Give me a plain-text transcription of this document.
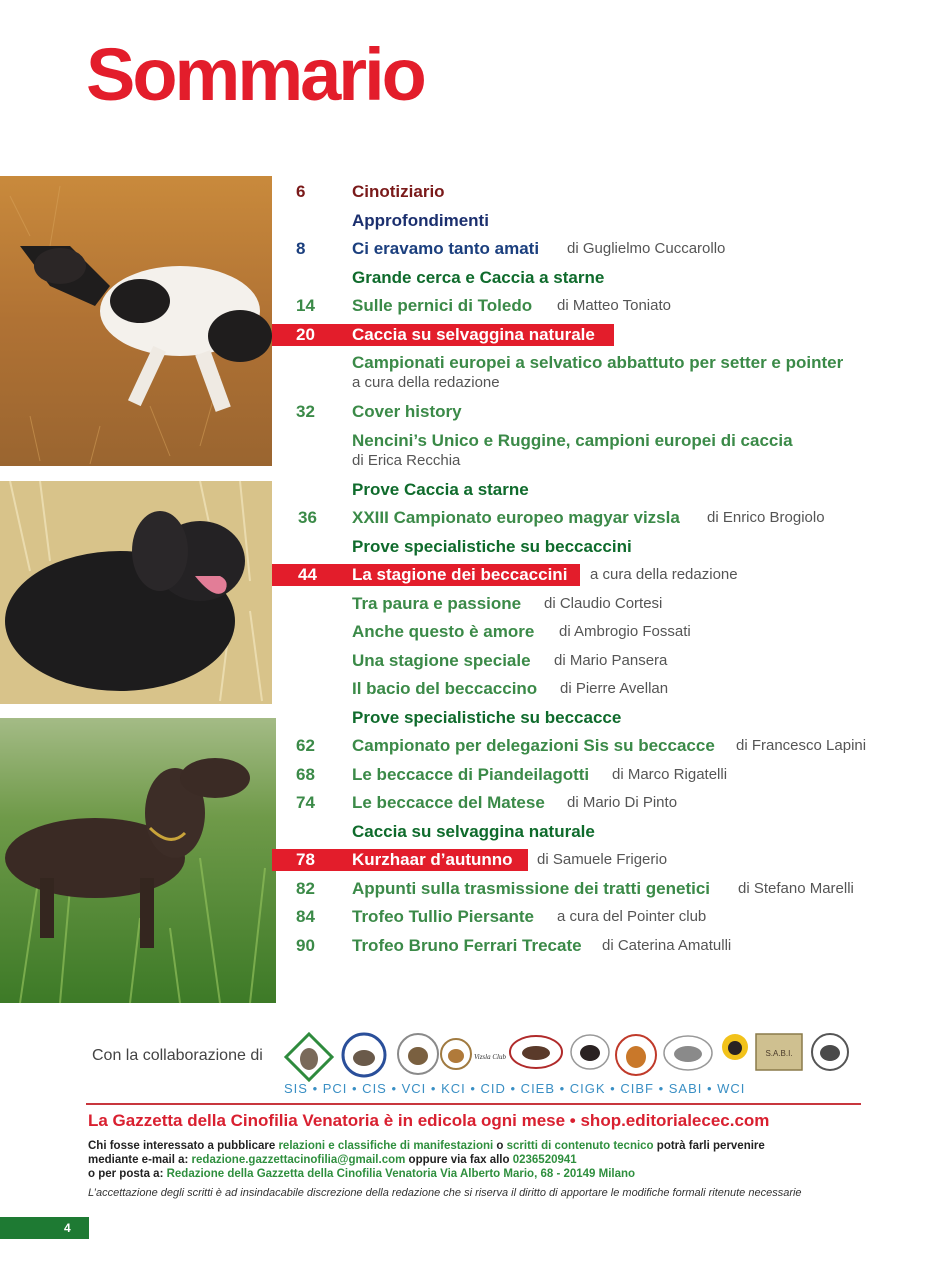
Sommario
6	Cinotiziario
Approfondimenti
8	Ci eravamo tanto amati di Guglielmo Cuccarollo
Grande cerca e Caccia a starne
14 Sulle pernici di Toledo di Matteo Toniato
20 Caccia su selvaggina naturale
Campionati europei a selvatico abbattuto per setter e pointer
a cura della redazione
32 Cover history
Nencini’s Unico e Ruggine, campioni europei di caccia
di Erica Recchia
Prove Caccia a starne
36 XXIII Campionato europeo magyar vizsla di Enrico Brogiolo
Prove specialistiche su beccaccini
44 La stagione dei beccaccini a cura della redazione
Tra paura e passione di Claudio Cortesi
Anche questo è amore di Ambrogio Fossati
Una stagione speciale di Mario Pansera
Il bacio del beccaccino di Pierre Avellan
Prove specialistiche su beccacce
62 Campionato per delegazioni Sis su beccacce di Francesco Lapini
68 Le beccacce di Piandeilagotti di Marco Rigatelli
74 Le beccacce del Matese di Mario Di Pinto
Caccia su selvaggina naturale
78 Kurzhaar d’autunno di Samuele Frigerio
82 Appunti sulla trasmissione dei tratti genetici di Stefano Marelli
84 Trofeo Tullio Piersante a cura del Pointer club
90 Trofeo Bruno Ferrari Trecate di Caterina Amatulli
Con la collaborazione di	Vizsla Club	S.A.B.I.
SIS • PCI • CIS • VCI • KCI • CID • CIEB • CIGK • CIBF • SABI • WCI
La Gazzetta della Cinofilia Venatoria è in edicola ogni mese • shop.editorialecec.com
Chi fosse interessato a pubblicare relazioni e classifiche di manifestazioni o scritti di contenuto tecnico potrà farli pervenire
mediante e-mail a: redazione.gazzettacinofilia@gmail.com oppure via fax allo 0236520941
o per posta a: Redazione della Gazzetta della Cinofilia Venatoria Via Alberto Mario, 68 - 20149 Milano
L’accettazione degli scritti è ad insindacabile discrezione della redazione che si riserva il diritto di apportare le modifiche formali ritenute necessarie
4
